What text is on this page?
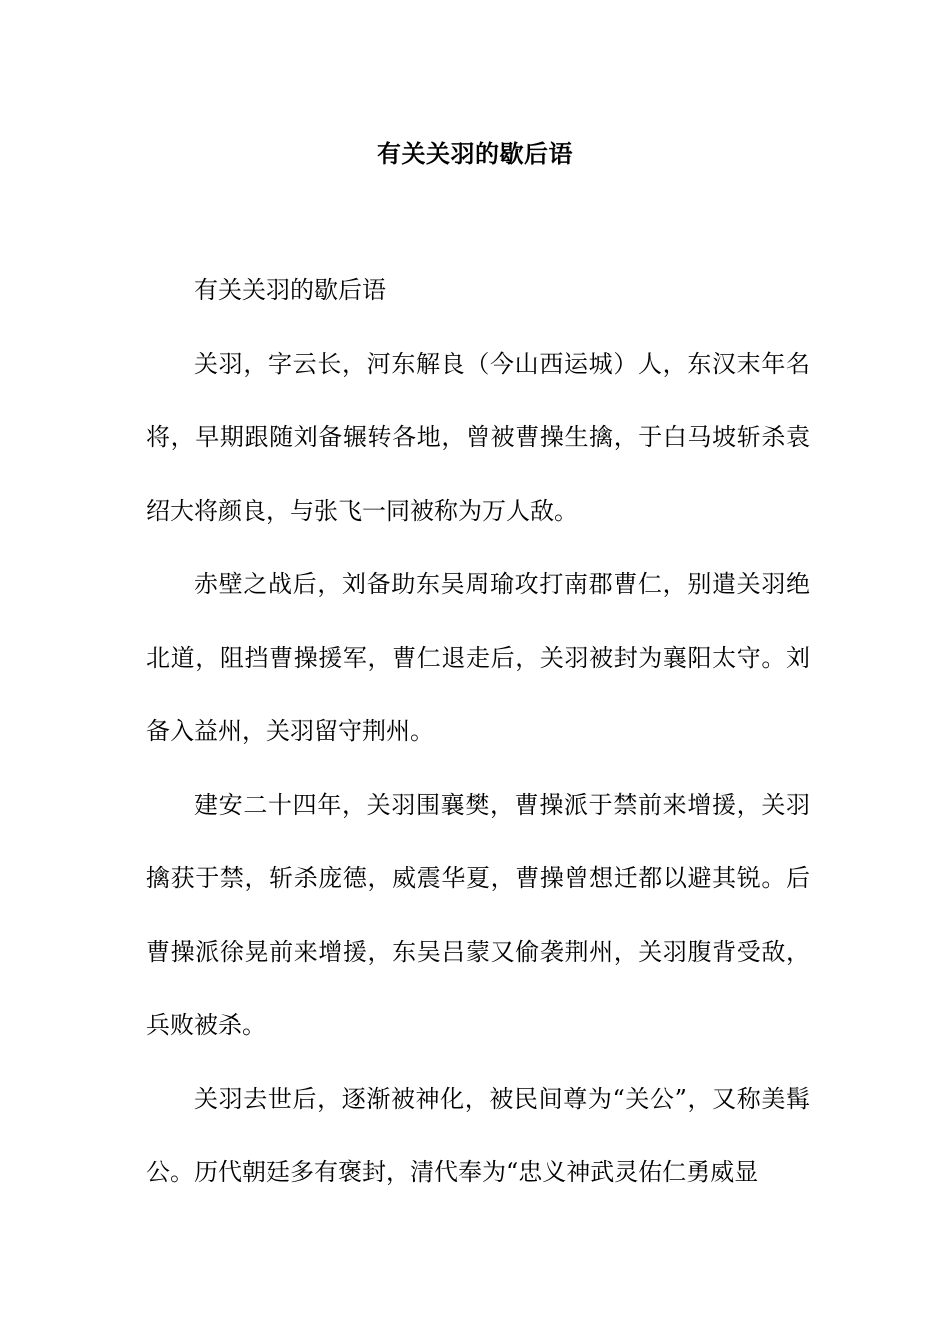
有关关羽的歇后语

有关关羽的歇后语

关羽，字云长，河东解良（今山西运城）人，东汉末年名将，早期跟随刘备辗转各地，曾被曹操生擒，于白马坡斩杀袁绍大将颜良，与张飞一同被称为万人敌。

赤壁之战后，刘备助东吴周瑜攻打南郡曹仁，别遣关羽绝北道，阻挡曹操援军，曹仁退走后，关羽被封为襄阳太守。刘备入益州，关羽留守荆州。

建安二十四年，关羽围襄樊，曹操派于禁前来增援，关羽擒获于禁，斩杀庞德，威震华夏，曹操曾想迁都以避其锐。后曹操派徐晃前来增援，东吴吕蒙又偷袭荆州，关羽腹背受敌，兵败被杀。

关羽去世后，逐渐被神化，被民间尊为“关公”，又称美髯公。历代朝廷多有褒封，清代奉为“忠义神武灵佑仁勇威显
